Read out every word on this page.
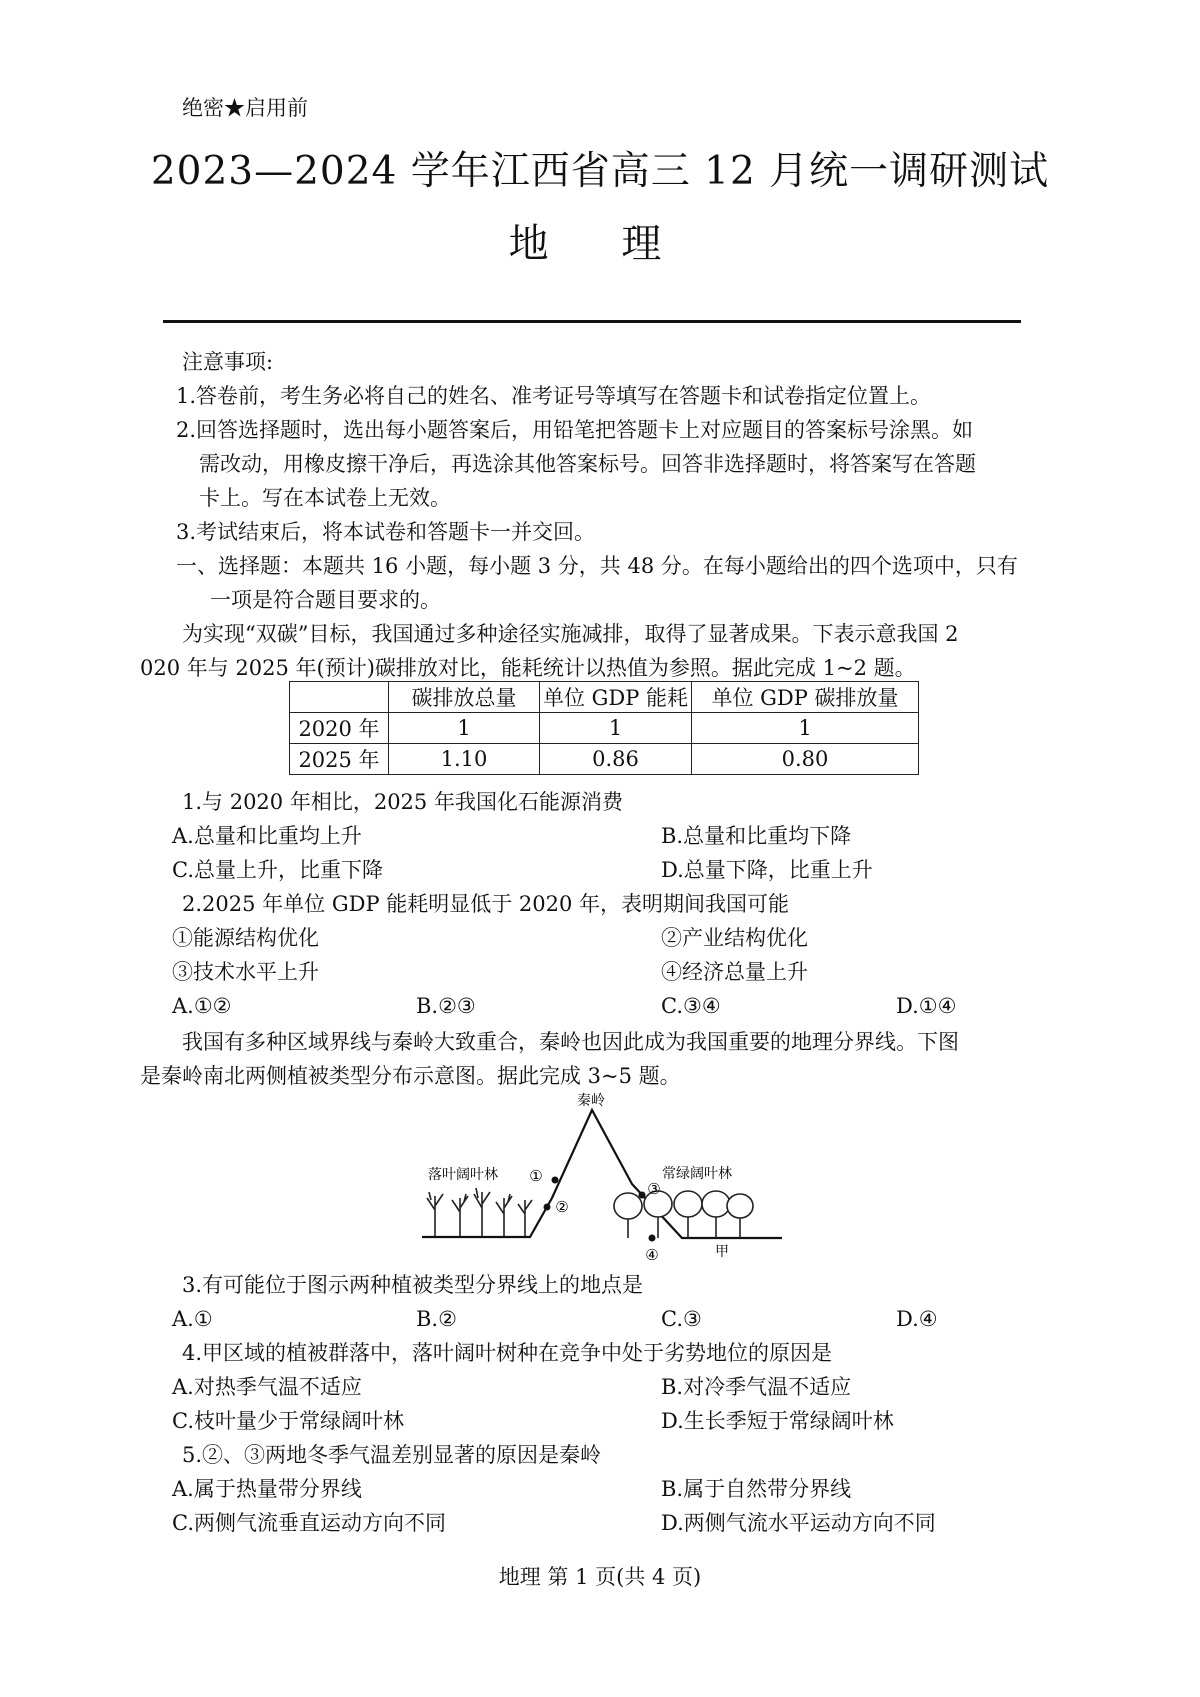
绝密★启用前
2023—2024 学年江西省高三 12 月统一调研测试
地 理
注意事项:
1.答卷前，考生务必将自己的姓名、准考证号等填写在答题卡和试卷指定位置上。
2.回答选择题时，选出每小题答案后，用铅笔把答题卡上对应题目的答案标号涂黑。如
需改动，用橡皮擦干净后，再选涂其他答案标号。回答非选择题时，将答案写在答题
卡上。写在本试卷上无效。
3.考试结束后，将本试卷和答题卡一并交回。
一、选择题：本题共 16 小题，每小题 3 分，共 48 分。在每小题给出的四个选项中，只有
一项是符合题目要求的。
为实现“双碳”目标，我国通过多种途径实施减排，取得了显著成果。下表示意我国 2
020 年与 2025 年(预计)碳排放对比，能耗统计以热值为参照。据此完成 1~2 题。
	碳排放总量	单位 GDP 能耗	单位 GDP 碳排放量
2020 年	1	1	1
2025 年	1.10	0.86	0.80
1.与 2020 年相比，2025 年我国化石能源消费
A.总量和比重均上升	B.总量和比重均下降
C.总量上升，比重下降	D.总量下降，比重上升
2.2025 年单位 GDP 能耗明显低于 2020 年，表明期间我国可能
①能源结构优化	②产业结构优化
③技术水平上升	④经济总量上升
A.①②	B.②③	C.③④	D.①④
我国有多种区域界线与秦岭大致重合，秦岭也因此成为我国重要的地理分界线。下图
是秦岭南北两侧植被类型分布示意图。据此完成 3~5 题。
秦岭
落叶阔叶林	常绿阔叶林
①
②
③
④	甲
3.有可能位于图示两种植被类型分界线上的地点是
A.①	B.②	C.③	D.④
4.甲区域的植被群落中，落叶阔叶树种在竞争中处于劣势地位的原因是
A.对热季气温不适应	B.对冷季气温不适应
C.枝叶量少于常绿阔叶林	D.生长季短于常绿阔叶林
5.②、③两地冬季气温差别显著的原因是秦岭
A.属于热量带分界线	B.属于自然带分界线
C.两侧气流垂直运动方向不同	D.两侧气流水平运动方向不同
地理 第 1 页(共 4 页)
